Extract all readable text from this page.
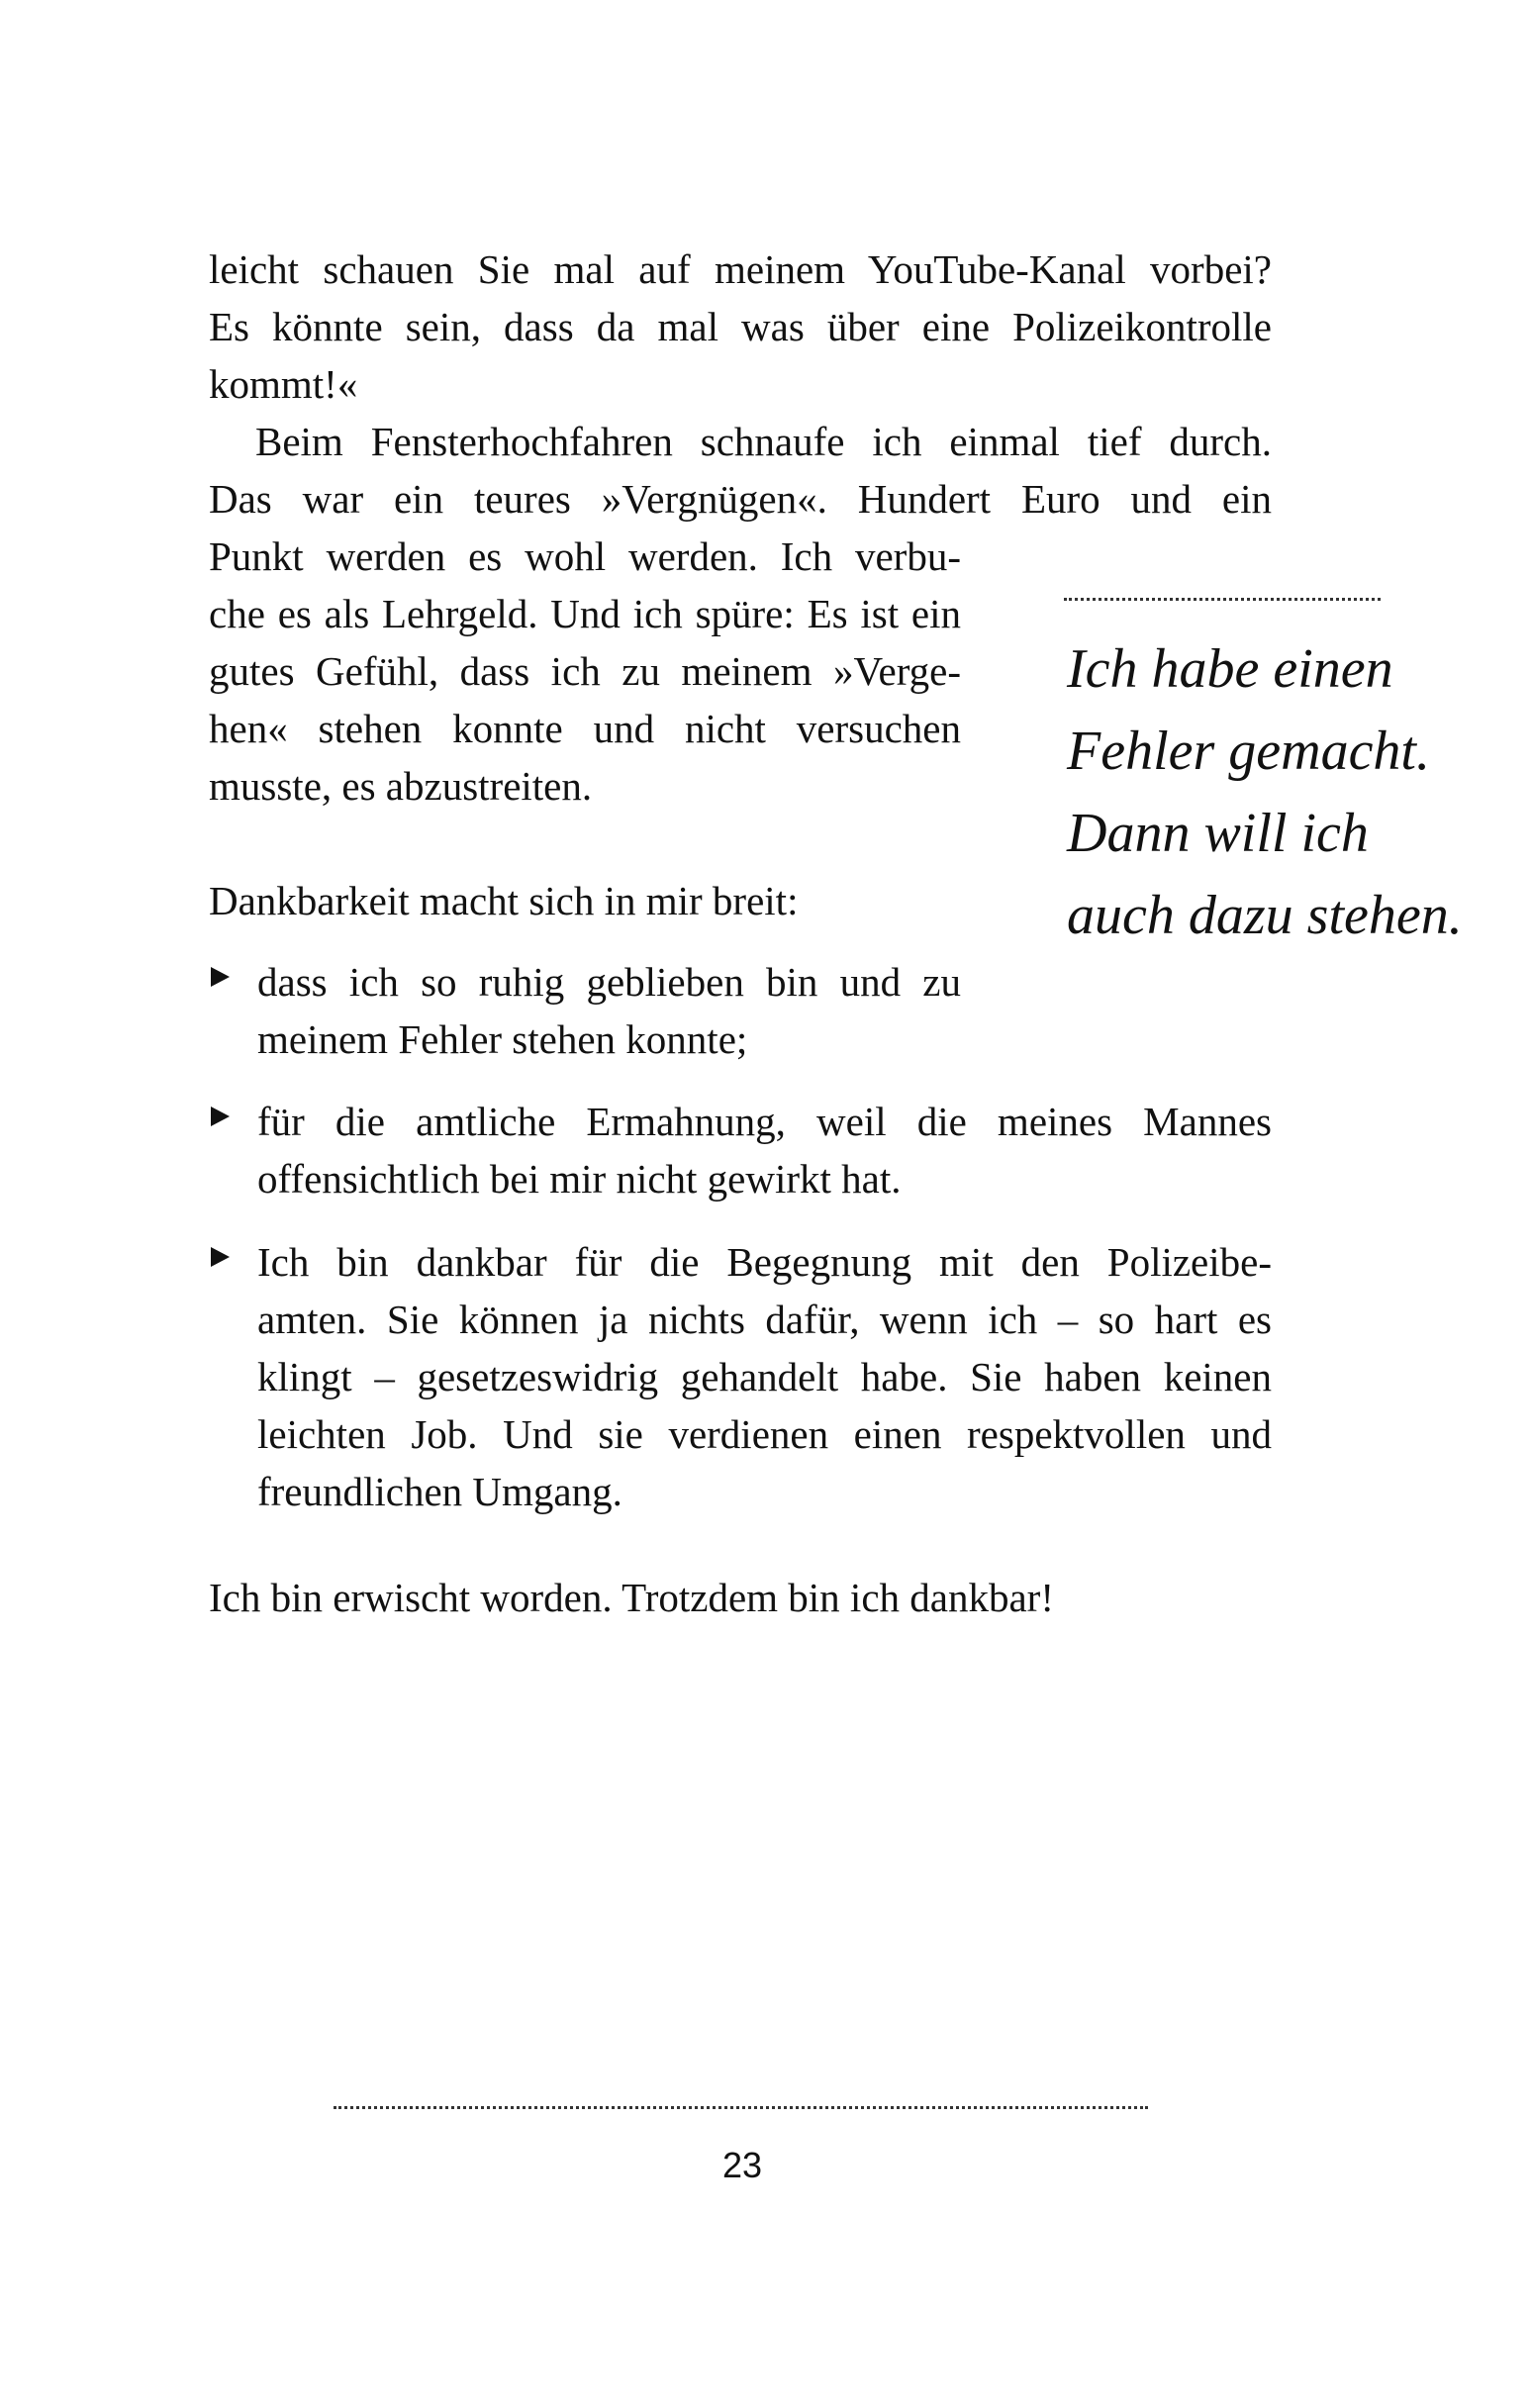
leicht schauen Sie mal auf meinem YouTube-Kanal vorbei?
Es könnte sein, dass da mal was über eine Polizeikontrolle
kommt!«
Beim Fensterhochfahren schnaufe ich einmal tief durch.
Das war ein teures »Vergnügen«. Hundert Euro und ein
Punkt werden es wohl werden. Ich verbu-
che es als Lehrgeld. Und ich spüre: Es ist ein
gutes Gefühl, dass ich zu meinem »Verge-
hen« stehen konnte und nicht versuchen
musste, es abzustreiten.
Ich habe einen
Fehler gemacht.
Dann will ich
auch dazu stehen.
Dankbarkeit macht sich in mir breit:
dass ich so ruhig geblieben bin und zu
meinem Fehler stehen konnte;
für die amtliche Ermahnung, weil die meines Mannes
offensichtlich bei mir nicht gewirkt hat.
Ich bin dankbar für die Begegnung mit den Polizeibe-
amten. Sie können ja nichts dafür, wenn ich – so hart es
klingt – gesetzeswidrig gehandelt habe. Sie haben keinen
leichten Job. Und sie verdienen einen respektvollen und
freundlichen Umgang.
Ich bin erwischt worden. Trotzdem bin ich dankbar!
23
